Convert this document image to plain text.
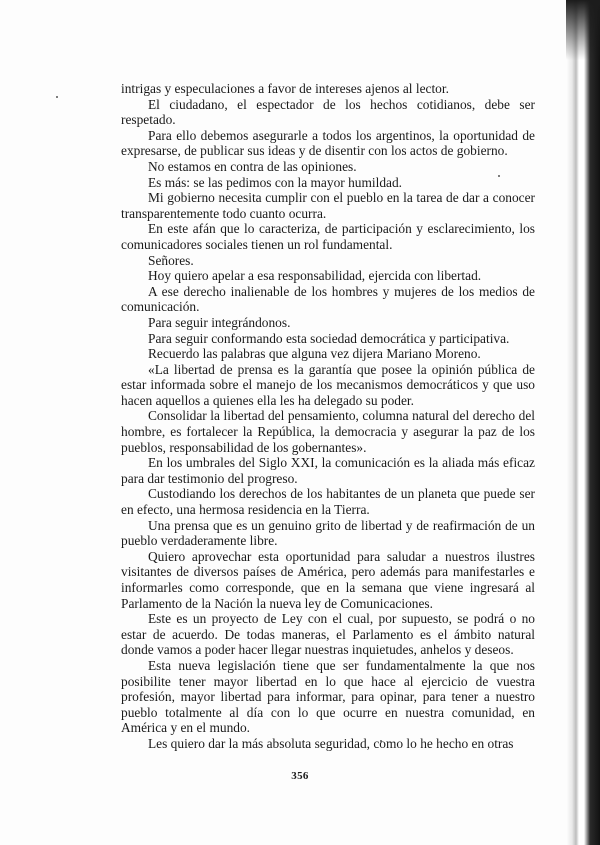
intrigas y especulaciones a favor de intereses ajenos al lector.

El ciudadano, el espectador de los hechos cotidianos, debe ser respetado.

Para ello debemos asegurarle a todos los argentinos, la oportunidad de expresarse, de publicar sus ideas y de disentir con los actos de gobierno.

No estamos en contra de las opiniones.

Es más: se las pedimos con la mayor humildad.

Mi gobierno necesita cumplir con el pueblo en la tarea de dar a conocer transparentemente todo cuanto ocurra.

En este afán que lo caracteriza, de participación y esclarecimiento, los comunicadores sociales tienen un rol fundamental.

Señores.

Hoy quiero apelar a esa responsabilidad, ejercida con libertad.

A ese derecho inalienable de los hombres y mujeres de los medios de comunicación.

Para seguir integrándonos.

Para seguir conformando esta sociedad democrática y participativa.

Recuerdo las palabras que alguna vez dijera Mariano Moreno.

«La libertad de prensa es la garantía que posee la opinión pública de estar informada sobre el manejo de los mecanismos democráticos y que uso hacen aquellos a quienes ella les ha delegado su poder.

Consolidar la libertad del pensamiento, columna natural del derecho del hombre, es fortalecer la República, la democracia y asegurar la paz de los pueblos, responsabilidad de los gobernantes».

En los umbrales del Siglo XXI, la comunicación es la aliada más eficaz para dar testimonio del progreso.

Custodiando los derechos de los habitantes de un planeta que puede ser en efecto, una hermosa residencia en la Tierra.

Una prensa que es un genuino grito de libertad y de reafirmación de un pueblo verdaderamente libre.

Quiero aprovechar esta oportunidad para saludar a nuestros ilustres visitantes de diversos países de América, pero además para manifestarles e informarles como corresponde, que en la semana que viene ingresará al Parlamento de la Nación la nueva ley de Comunicaciones.

Este es un proyecto de Ley con el cual, por supuesto, se podrá o no estar de acuerdo. De todas maneras, el Parlamento es el ámbito natural donde vamos a poder hacer llegar nuestras inquietudes, anhelos y deseos.

Esta nueva legislación tiene que ser fundamentalmente la que nos posibilite tener mayor libertad en lo que hace al ejercicio de vuestra profesión, mayor libertad para informar, para opinar, para tener a nuestro pueblo totalmente al día con lo que ocurre en nuestra comunidad, en América y en el mundo.

Les quiero dar la más absoluta seguridad, como lo he hecho en otras

356
